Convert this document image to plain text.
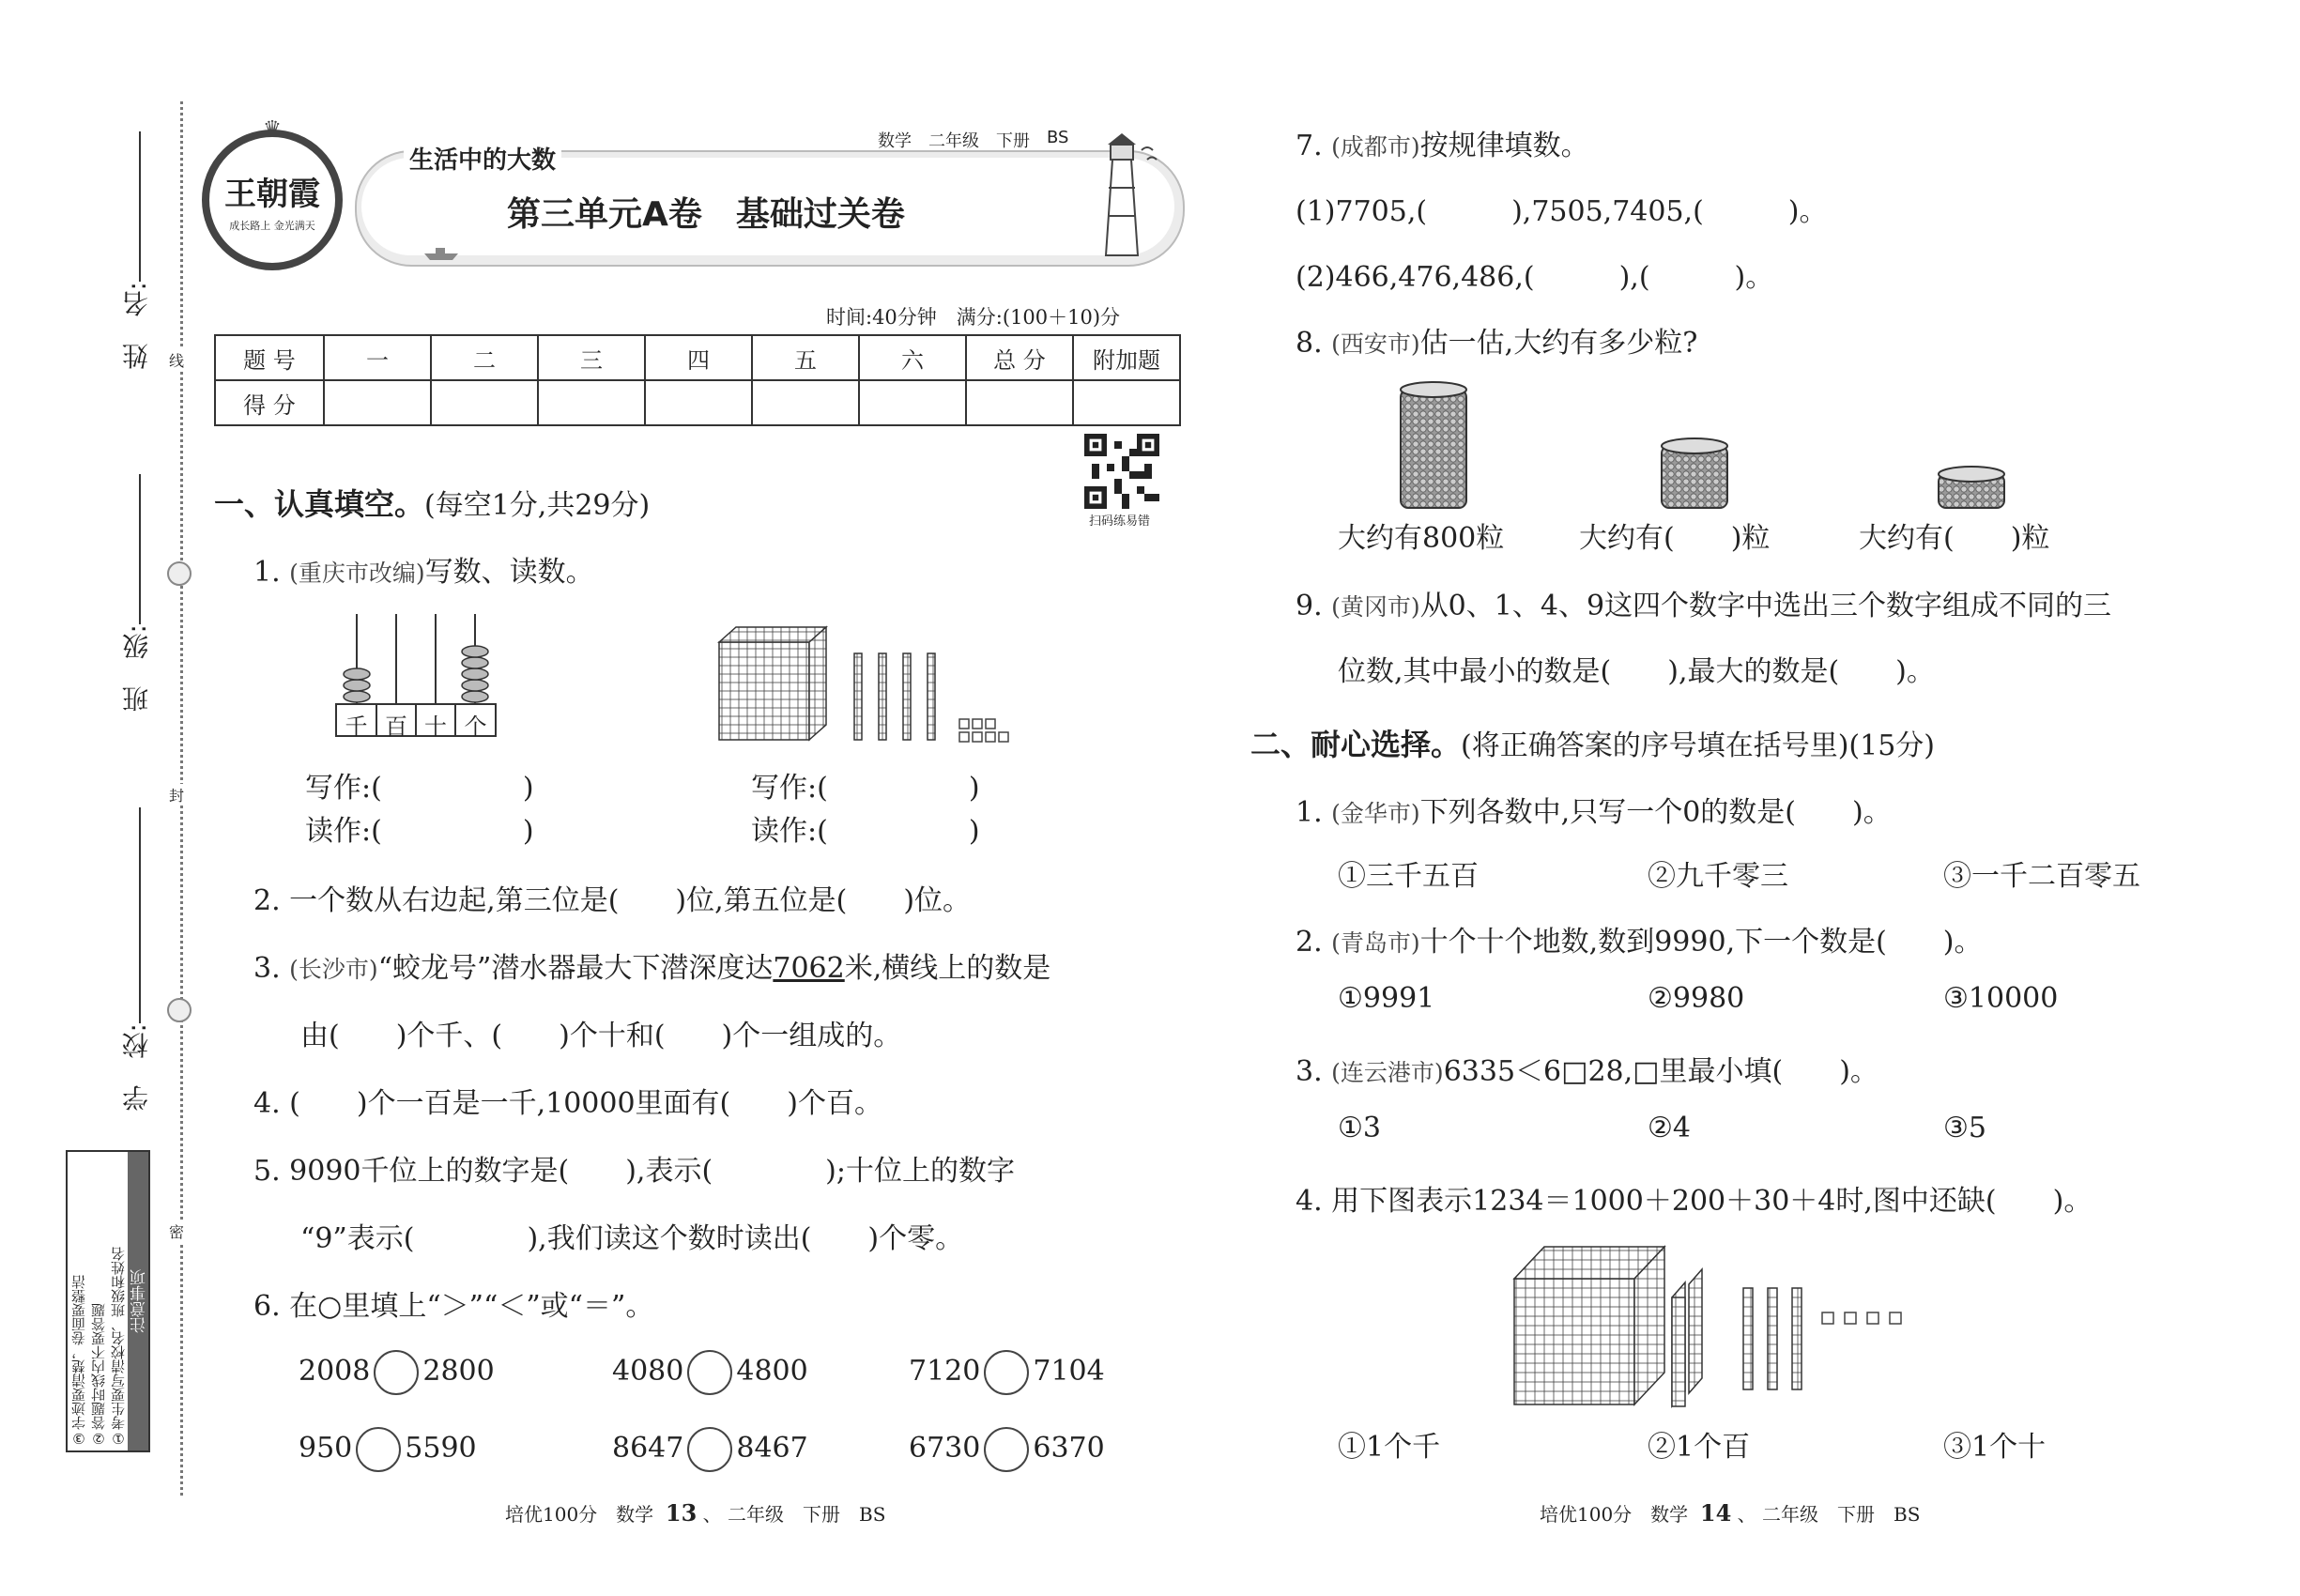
姓　名:
班　级:
学　校:
线
封
密
注意事项
①考生要写清校名、班级和姓名
②答题时线内不要答题
③字迹要清楚，卷面要整洁
王朝霞
成长路上 金光满天
♛
生活中的大数
数学 二年级 下册 BS
第三单元A卷　基础过关卷
时间:40分钟　满分:(100＋10)分
题 号	一	二	三	四	五	六	总 分	附加题
得 分								
扫码练易错
一、认真填空。(每空1分,共29分)
1. (重庆市改编)写数、读数。
千 百 十 个
写作:(	)
读作:(	)
写作:(	)
读作:(	)
2. 一个数从右边起,第三位是(　　)位,第五位是(　　)位。
3. (长沙市)“蛟龙号”潜水器最大下潜深度达7062米,横线上的数是
由(　　)个千、(　　)个十和(　　)个一组成的。
4. (　　)个一百是一千,10000里面有(　　)个百。
5. 9090千位上的数字是(　　),表示(　　　　);十位上的数字
“9”表示(　　　　),我们读这个数时读出(　　)个零。
6. 在○里填上“＞”“＜”或“＝”。
2008 2800	4080 4800	7120 7104
950 5590	8647 8467	6730 6370
培优100分　数学 13 、 二年级　下册　BS
7. (成都市)按规律填数。
(1)7705,(　　　),7505,7405,(　　　)。
(2)466,476,486,(　　　),(　　　)。
8. (西安市)估一估,大约有多少粒?
大约有800粒	大约有(　　)粒	大约有(　　)粒
9. (黄冈市)从0、1、4、9这四个数字中选出三个数字组成不同的三
位数,其中最小的数是(　　),最大的数是(　　)。
二、耐心选择。(将正确答案的序号填在括号里)(15分)
1. (金华市)下列各数中,只写一个0的数是(　　)。
①三千五百	②九千零三	③一千二百零五
2. (青岛市)十个十个地数,数到9990,下一个数是(　　)。
①9991	②9980	③10000
3. (连云港市)6335＜6□28,□里最小填(　　)。
①3	②4	③5
4. 用下图表示1234＝1000＋200＋30＋4时,图中还缺(　　)。
①1个千	②1个百	③1个十
培优100分　数学 14 、 二年级　下册　BS
